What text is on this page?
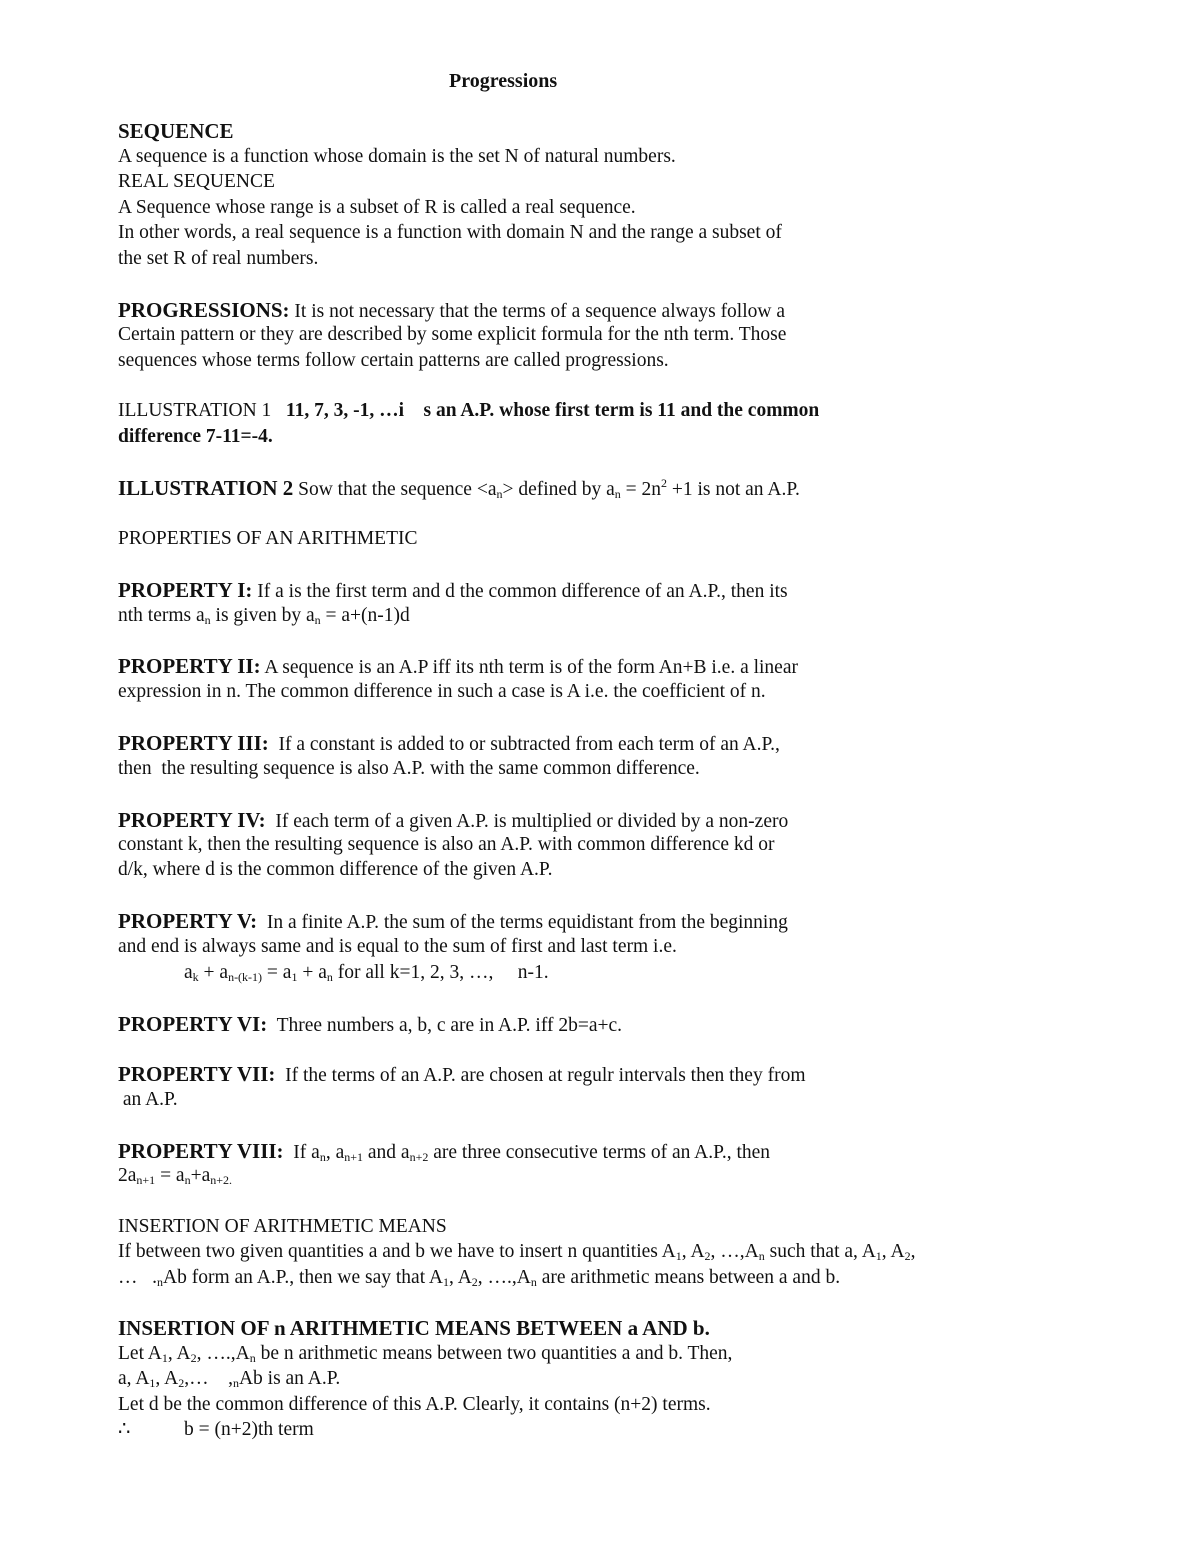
Progressions
SEQUENCE
A sequence is a function whose domain is the set N of natural numbers.
REAL SEQUENCE
A Sequence whose range is a subset of R is called a real sequence.
In other words, a real sequence is a function with domain N and the range a subset of
the set R of real numbers.
PROGRESSIONS: It is not necessary that the terms of a sequence always follow a
Certain pattern or they are described by some explicit formula for the nth term. Those
sequences whose terms follow certain patterns are called progressions.
ILLUSTRATION 1   11, 7, 3, -1, …i    s an A.P. whose first term is 11 and the common
difference 7-11=-4.
ILLUSTRATION 2 Sow that the sequence $<a_n>$ defined by $a_n = 2n^2 +1$ is not an A.P.
PROPERTIES OF AN ARITHMETIC
PROPERTY I: If a is the first term and d the common difference of an A.P., then its
nth terms $a_n$ is given by $a_n = a+(n-1)d$
PROPERTY II: A sequence is an A.P iff its nth term is of the form An+B i.e. a linear
expression in n. The common difference in such a case is A i.e. the coefficient of n.
PROPERTY III:  If a constant is added to or subtracted from each term of an A.P.,
then  the resulting sequence is also A.P. with the same common difference.
PROPERTY IV:  If each term of a given A.P. is multiplied or divided by a non-zero
constant k, then the resulting sequence is also an A.P. with common difference kd or
d/k, where d is the common difference of the given A.P.
PROPERTY V:  In a finite A.P. the sum of the terms equidistant from the beginning
and end is always same and is equal to the sum of first and last term i.e.
$a_k + a_{n-(k-1)} = a_1 + a_n$ for all k=1, 2, 3, …,     n-1.
PROPERTY VI:  Three numbers a, b, c are in A.P. iff 2b=a+c.
PROPERTY VII:  If the terms of an A.P. are chosen at regulr intervals then they from
an A.P.
PROPERTY VIII:  If $a_n$, $a_{n+1}$ and $a_{n+2}$ are three consecutive terms of an A.P., then
$2a_{n+1} = a_n+a_{n+2.}$
INSERTION OF ARITHMETIC MEANS
If between two given quantities a and b we have to insert n quantities $A_1$, $A_2$, $\dots,A_n$ such that a, $A_1$, $A_2$,
…   $._nAb$ form an A.P., then we say that $A_1$, $A_2$, $\dots.,A_n$ are arithmetic means between a and b.
INSERTION OF n ARITHMETIC MEANS BETWEEN a AND b.
Let $A_1$, $A_2$, $\dots.,A_n$ be n arithmetic means between two quantities a and b. Then,
a, $A_1$, $A_2,\dots$    $,_nAb$ is an A.P.
Let d be the common difference of this A.P. Clearly, it contains (n+2) terms.
∴	b = (n+2)th term
